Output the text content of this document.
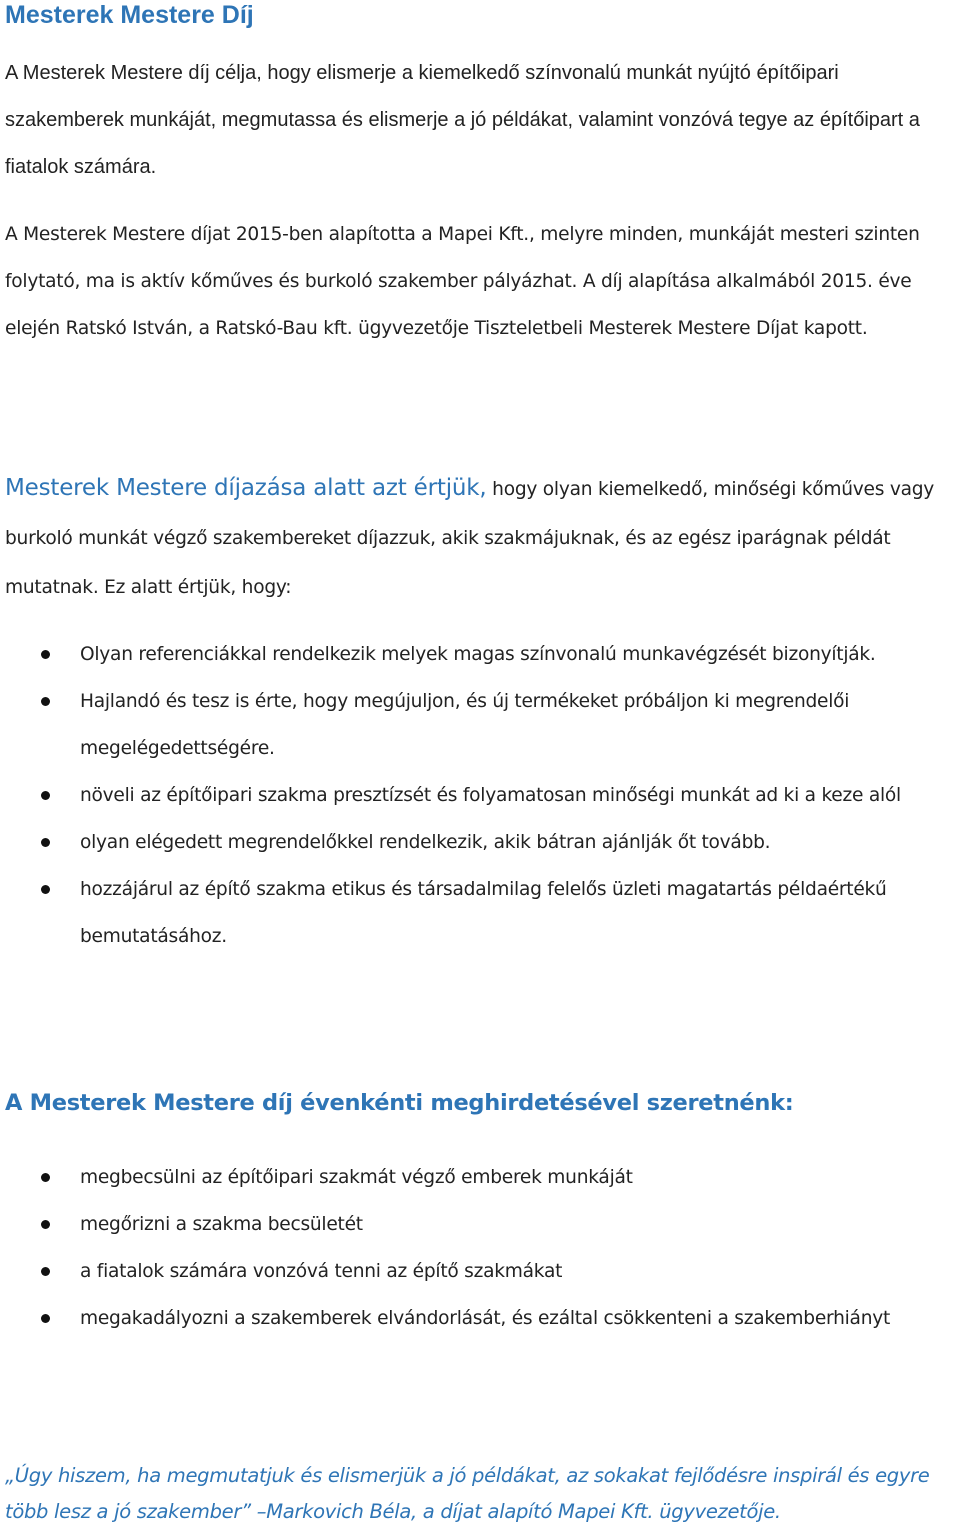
Mesterek Mestere Díj

A Mesterek Mestere díj célja, hogy elismerje a kiemelkedő színvonalú munkát nyújtó építőipari szakemberek munkáját, megmutassa és elismerje a jó példákat, valamint vonzóvá tegye az építőipart a fiatalok számára.

A Mesterek Mestere díjat 2015-ben alapította a Mapei Kft., melyre minden, munkáját mesteri szinten folytató, ma is aktív kőműves és burkoló szakember pályázhat. A díj alapítása alkalmából 2015. éve elején Ratskó István, a Ratskó-Bau kft. ügyvezetője Tiszteletbeli Mesterek Mestere Díjat kapott.

Mesterek Mestere díjazása alatt azt értjük, hogy olyan kiemelkedő, minőségi kőműves vagy burkoló munkát végző szakembereket díjazzuk, akik szakmájuknak, és az egész iparágnak példát mutatnak. Ez alatt értjük, hogy:

Olyan referenciákkal rendelkezik melyek magas színvonalú munkavégzését bizonyítják.
Hajlandó és tesz is érte, hogy megújuljon, és új termékeket próbáljon ki megrendelői megelégedettségére.
növeli az építőipari szakma presztízsét és folyamatosan minőségi munkát ad ki a keze alól
olyan elégedett megrendelőkkel rendelkezik, akik bátran ajánlják őt tovább.
hozzájárul az építő szakma etikus és társadalmilag felelős üzleti magatartás példaértékű bemutatásához.
A Mesterek Mestere díj évenkénti meghirdetésével szeretnénk:
megbecsülni az építőipari szakmát végző emberek munkáját
megőrizni a szakma becsületét
a fiatalok számára vonzóvá tenni az építő szakmákat
megakadályozni a szakemberek elvándorlását, és ezáltal csökkenteni a szakemberhiányt

„Úgy hiszem, ha megmutatjuk és elismerjük a jó példákat, az sokakat fejlődésre inspirál és egyre több lesz a jó szakember” –Markovich Béla, a díjat alapító Mapei Kft. ügyvezetője.
